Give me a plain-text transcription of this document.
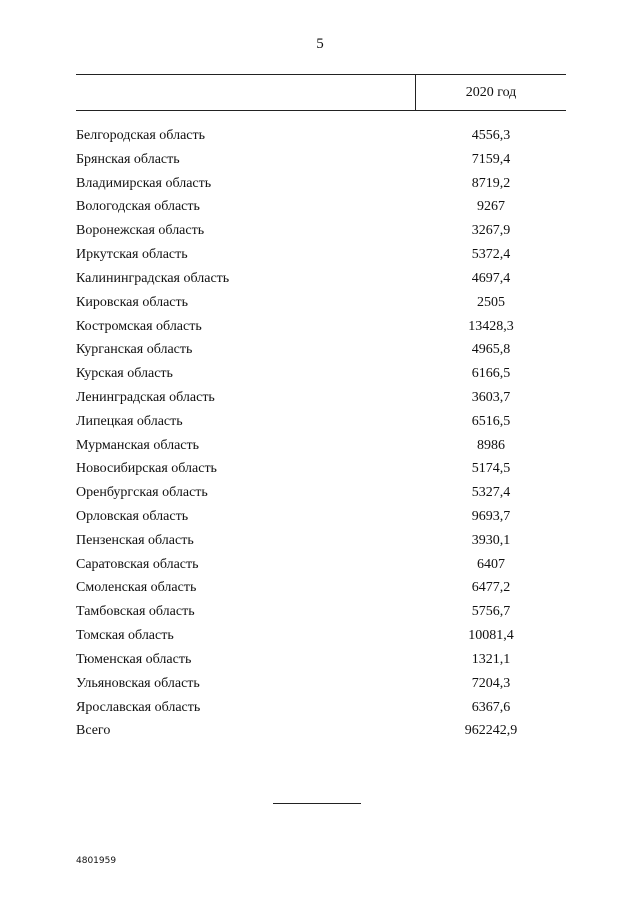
5
2020 год
Белгородская область	4556,3
Брянская область	7159,4
Владимирская область	8719,2
Вологодская область	9267
Воронежская область	3267,9
Иркутская область	5372,4
Калининградская область	4697,4
Кировская область	2505
Костромская область	13428,3
Курганская область	4965,8
Курская область	6166,5
Ленинградская область	3603,7
Липецкая область	6516,5
Мурманская область	8986
Новосибирская область	5174,5
Оренбургская область	5327,4
Орловская область	9693,7
Пензенская область	3930,1
Саратовская область	6407
Смоленская область	6477,2
Тамбовская область	5756,7
Томская область	10081,4
Тюменская область	1321,1
Ульяновская область	7204,3
Ярославская область	6367,6
Всего	962242,9
4801959
